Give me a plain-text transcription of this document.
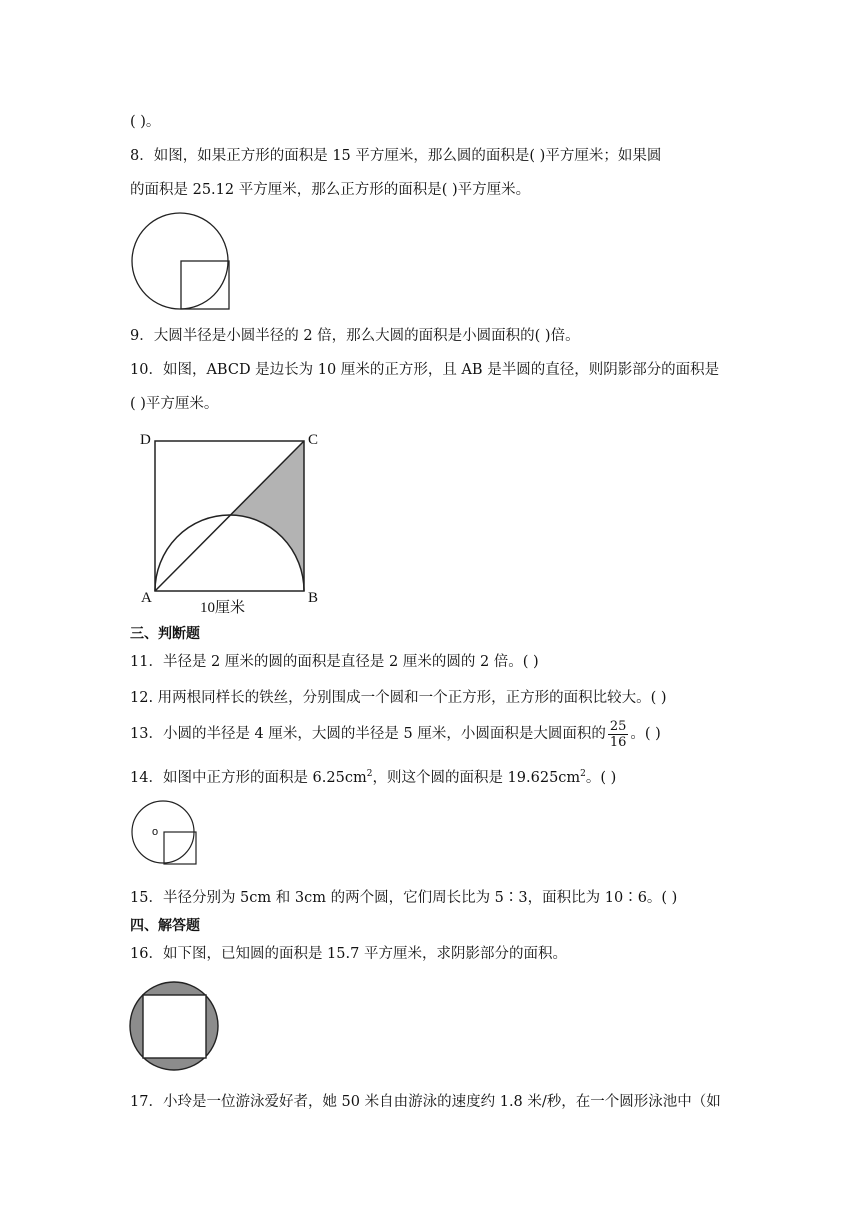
( )。
8．如图，如果正方形的面积是 15 平方厘米，那么圆的面积是( )平方厘米；如果圆
的面积是 25.12 平方厘米，那么正方形的面积是( )平方厘米。
9．大圆半径是小圆半径的 2 倍，那么大圆的面积是小圆面积的( )倍。
10．如图，ABCD 是边长为 10 厘米的正方形，且 AB 是半圆的直径，则阴影部分的面积是
( )平方厘米。
D	C
A	B
10厘米
三、判断题
11．半径是 2 厘米的圆的面积是直径是 2 厘米的圆的 2 倍。( )
12. 用两根同样长的铁丝，分别围成一个圆和一个正方形，正方形的面积比较大。( )
13．小圆的半径是 4 厘米，大圆的半径是 5 厘米，小圆面积是大圆面积的 $\frac{25}{16}$ 。( )
14．如图中正方形的面积是 $6.25cm^2$，则这个圆的面积是 $19.625cm^2$。( )
o
15．半径分别为 5cm 和 3cm 的两个圆，它们周长比为 5∶3，面积比为 10∶6。( )
四、解答题
16．如下图，已知圆的面积是 15.7 平方厘米，求阴影部分的面积。
17．小玲是一位游泳爱好者，她 50 米自由游泳的速度约 1.8 米/秒，在一个圆形泳池中（如
